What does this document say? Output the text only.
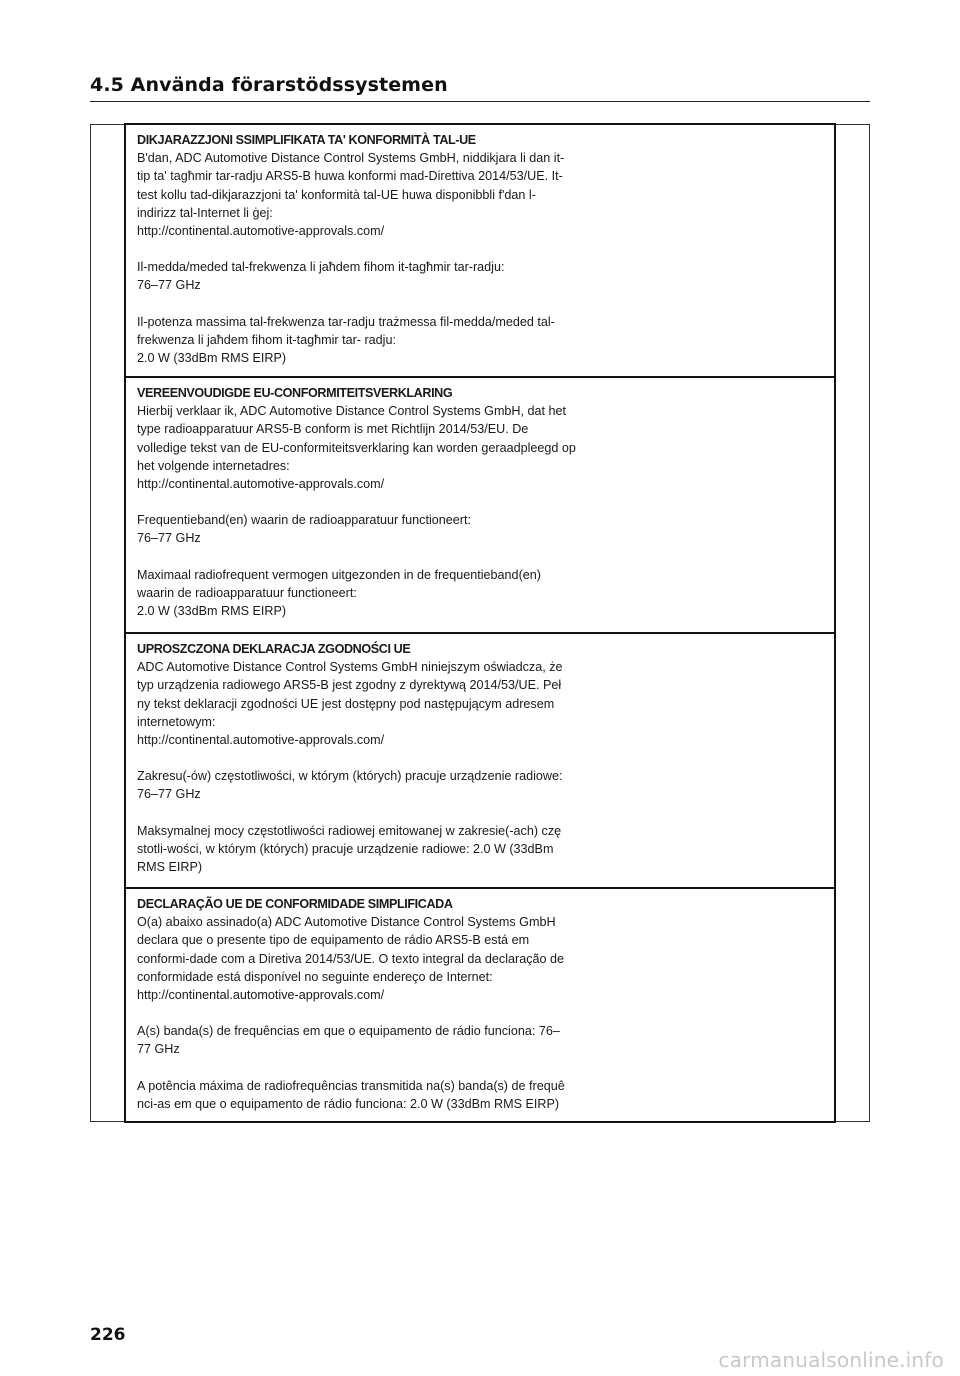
4.5 Använda förarstödssystemen
DIKJARAZZJONI SSIMPLIFIKATA TA' KONFORMITÀ TAL-UE

B'dan, ADC Automotive Distance Control Systems GmbH, niddikjara li dan it-
tip ta' tagħmir tar-radju ARS5-B huwa konformi mad-Direttiva 2014/53/UE. It-
test kollu tad-dikjarazzjoni ta' konformità tal-UE huwa disponibbli f'dan l-
indirizz tal-Internet li ġej:
http://continental.automotive-approvals.com/

Il-medda/meded tal-frekwenza li jaħdem fihom it-tagħmir tar-radju:
76–77 GHz

Il-potenza massima tal-frekwenza tar-radju trażmessa fil-medda/meded tal-
frekwenza li jaħdem fihom it-tagħmir tar- radju:
2.0 W (33dBm RMS EIRP)

VEREENVOUDIGDE EU-CONFORMITEITSVERKLARING

Hierbij verklaar ik, ADC Automotive Distance Control Systems GmbH, dat het
type radioapparatuur ARS5-B conform is met Richtlijn 2014/53/EU. De
volledige tekst van de EU-conformiteitsverklaring kan worden geraadpleegd op
het volgende internetadres:
http://continental.automotive-approvals.com/

Frequentieband(en) waarin de radioapparatuur functioneert:
76–77 GHz

Maximaal radiofrequent vermogen uitgezonden in de frequentieband(en)
waarin de radioapparatuur functioneert:
2.0 W (33dBm RMS EIRP)

UPROSZCZONA DEKLARACJA ZGODNOŚCI UE

ADC Automotive Distance Control Systems GmbH niniejszym oświadcza, że
typ urządzenia radiowego ARS5-B jest zgodny z dyrektywą 2014/53/UE. Peł
ny tekst deklaracji zgodności UE jest dostępny pod następującym adresem
internetowym:
http://continental.automotive-approvals.com/

Zakresu(-ów) częstotliwości, w którym (których) pracuje urządzenie radiowe:
76–77 GHz

Maksymalnej mocy częstotliwości radiowej emitowanej w zakresie(-ach) czę
stotli-wości, w którym (których) pracuje urządzenie radiowe: 2.0 W (33dBm
RMS EIRP)

DECLARAÇÃO UE DE CONFORMIDADE SIMPLIFICADA

O(a) abaixo assinado(a) ADC Automotive Distance Control Systems GmbH
declara que o presente tipo de equipamento de rádio ARS5-B está em
conformi-dade com a Diretiva 2014/53/UE. O texto integral da declaração de
conformidade está disponível no seguinte endereço de Internet:
http://continental.automotive-approvals.com/

A(s) banda(s) de frequências em que o equipamento de rádio funciona: 76–
77 GHz

A potência máxima de radiofrequências transmitida na(s) banda(s) de frequê
nci-as em que o equipamento de rádio funciona: 2.0 W (33dBm RMS EIRP)

226
carmanualsonline.info
